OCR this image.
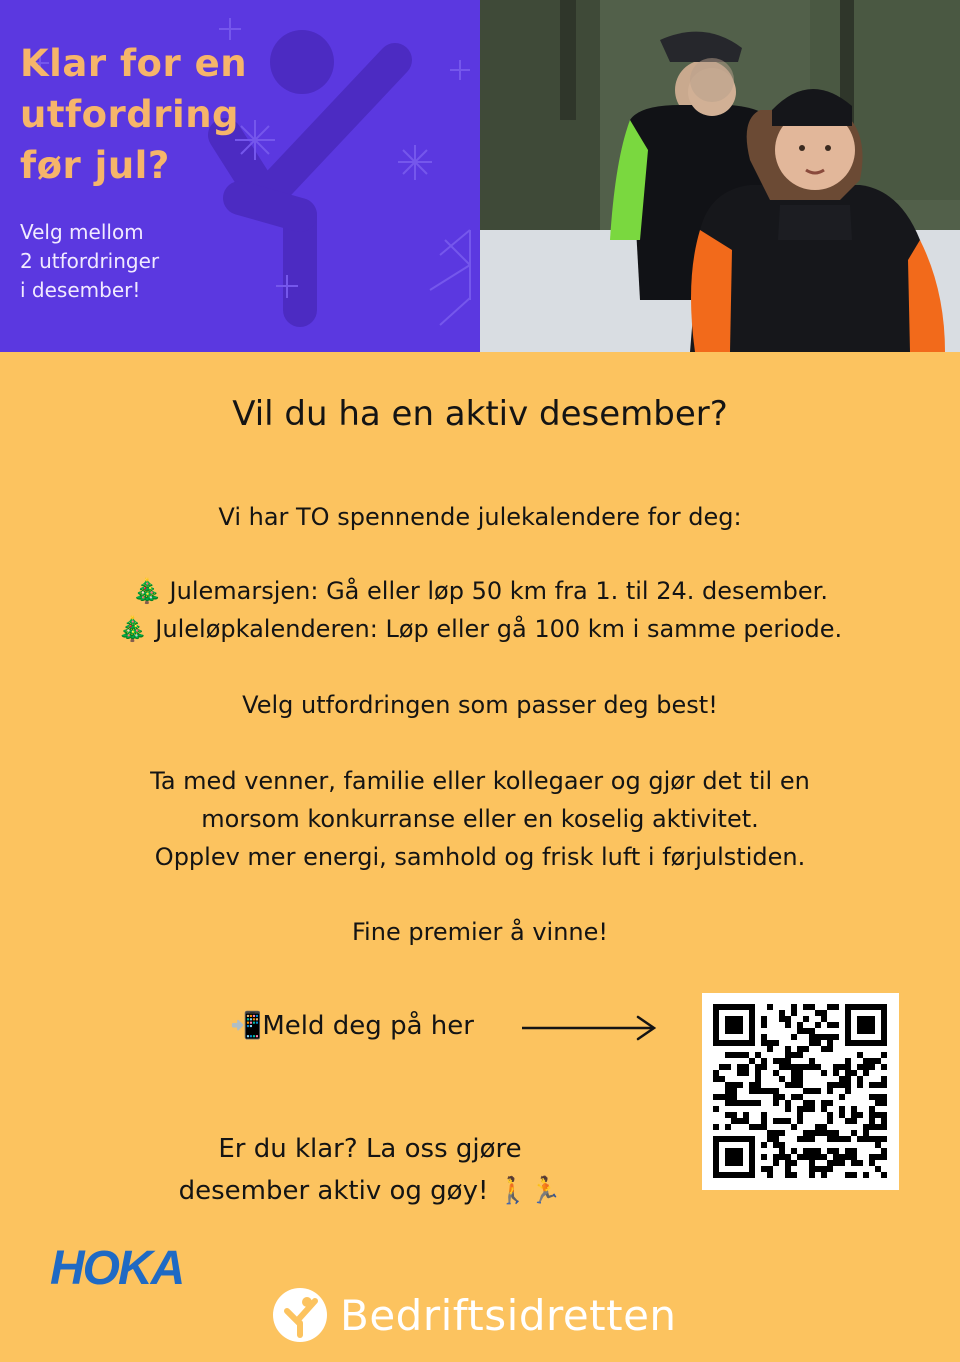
Klar for en
utfordring
før jul?
Velg mellom
2 utfordringer
i desember!
Vil du ha en aktiv desember?
Vi har TO spennende julekalendere for deg:
🎄 Julemarsjen: Gå eller løp 50 km fra 1. til 24. desember.
🎄 Juleløpkalenderen: Løp eller gå 100 km i samme periode.
Velg utfordringen som passer deg best!
Ta med venner, familie eller kollegaer og gjør det til en
morsom konkurranse eller en koselig aktivitet.
Opplev mer energi, samhold og frisk luft i førjulstiden.
Fine premier å vinne!
📲Meld deg på her
Er du klar? La oss gjøre
desember aktiv og gøy! 🚶🏃
HOKA
Bedriftsidretten
